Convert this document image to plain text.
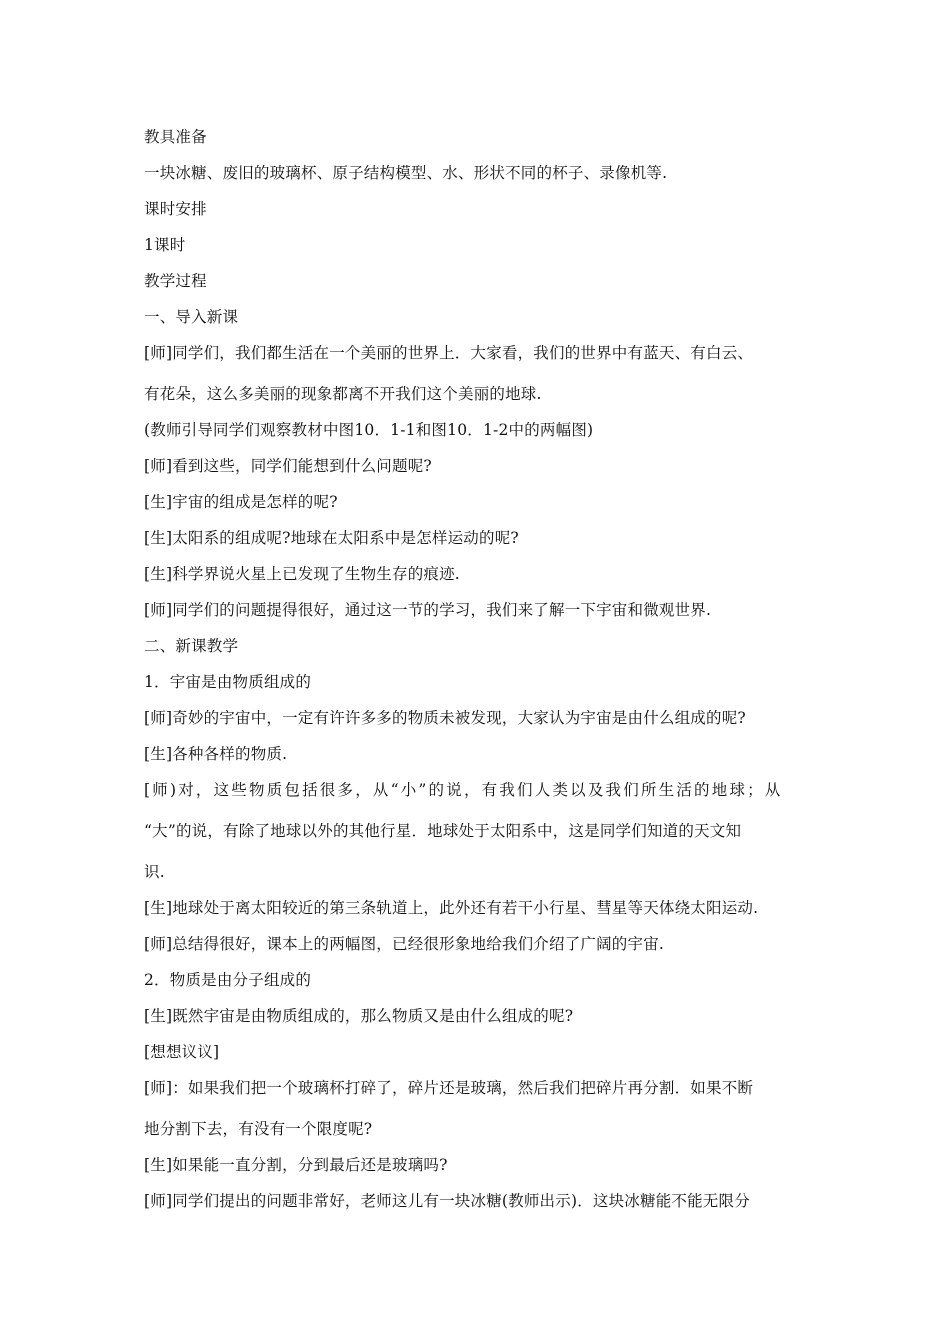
教具准备
一块冰糖、废旧的玻璃杯、原子结构模型、水、形状不同的杯子、录像机等.
课时安排
1课时
教学过程
一、导入新课
[师]同学们，我们都生活在一个美丽的世界上．大家看，我们的世界中有蓝天、有白云、
有花朵，这么多美丽的现象都离不开我们这个美丽的地球.
(教师引导同学们观察教材中图10．1-1和图10．1-2中的两幅图)
[师]看到这些，同学们能想到什么问题呢?
[生]宇宙的组成是怎样的呢?
[生]太阳系的组成呢?地球在太阳系中是怎样运动的呢?
[生]科学界说火星上已发现了生物生存的痕迹.
[师]同学们的问题提得很好，通过这一节的学习，我们来了解一下宇宙和微观世界.
二、新课教学
1．宇宙是由物质组成的
[师]奇妙的宇宙中，一定有许许多多的物质未被发现，大家认为宇宙是由什么组成的呢?
[生]各种各样的物质.
[师)对，这些物质包括很多，从“小”的说，有我们人类以及我们所生活的地球；从
“大”的说，有除了地球以外的其他行星．地球处于太阳系中，这是同学们知道的天文知
识.
[生]地球处于离太阳较近的第三条轨道上，此外还有若干小行星、彗星等天体绕太阳运动.
[师]总结得很好，课本上的两幅图，已经很形象地给我们介绍了广阔的宇宙.
2．物质是由分子组成的
[生]既然宇宙是由物质组成的，那么物质又是由什么组成的呢?
[想想议议]
[师]：如果我们把一个玻璃杯打碎了，碎片还是玻璃，然后我们把碎片再分割．如果不断
地分割下去，有没有一个限度呢?
[生]如果能一直分割，分到最后还是玻璃吗?
[师]同学们提出的问题非常好，老师这儿有一块冰糖(教师出示)．这块冰糖能不能无限分
